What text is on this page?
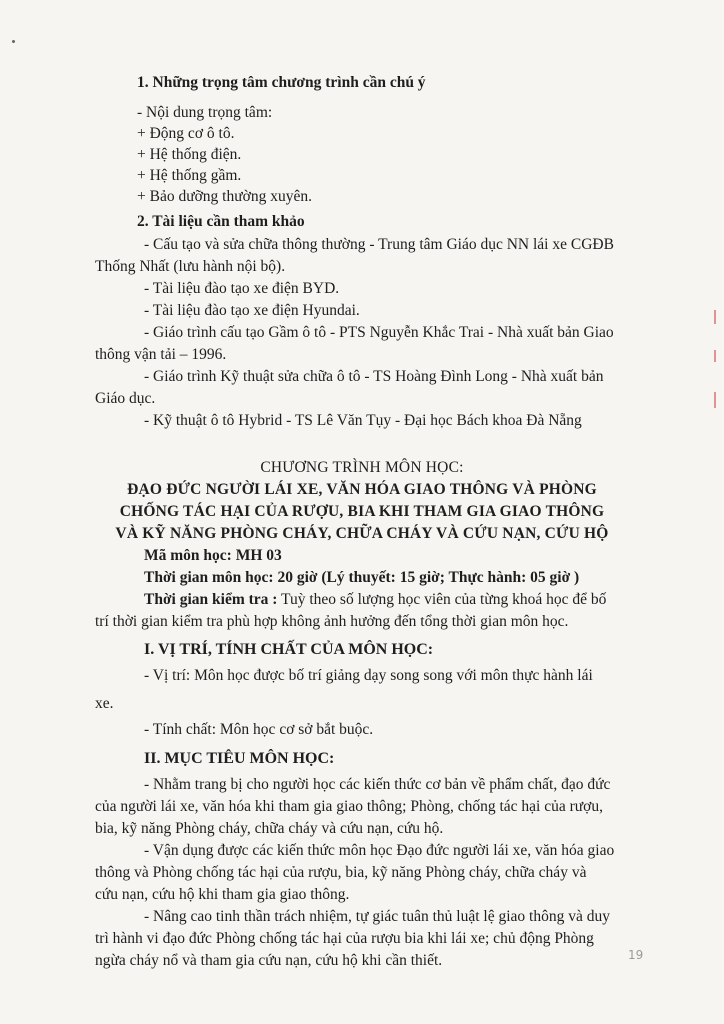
1. Những trọng tâm chương trình cần chú ý
- Nội dung trọng tâm:
+ Động cơ ô tô.
+ Hệ thống điện.
+ Hệ thống gầm.
+ Bảo dưỡng thường xuyên.
2. Tài liệu cần tham khảo
- Cấu tạo và sửa chữa thông thường - Trung tâm Giáo dục NN lái xe CGĐB
Thống Nhất (lưu hành nội bộ).
- Tài liệu đào tạo xe điện BYD.
- Tài liệu đào tạo xe điện Hyundai.
- Giáo trình cấu tạo Gầm ô tô - PTS Nguyễn Khắc Trai - Nhà xuất bản Giao
thông vận tải – 1996.
- Giáo trình Kỹ thuật sửa chữa ô tô - TS Hoàng Đình Long - Nhà xuất bản
Giáo dục.
- Kỹ thuật ô tô Hybrid - TS Lê Văn Tụy - Đại học Bách khoa Đà Nẵng
CHƯƠNG TRÌNH MÔN HỌC:
ĐẠO ĐỨC NGƯỜI LÁI XE, VĂN HÓA GIAO THÔNG VÀ PHÒNG
CHỐNG TÁC HẠI CỦA RƯỢU, BIA KHI THAM GIA GIAO THÔNG
VÀ KỸ NĂNG PHÒNG CHÁY, CHỮA CHÁY VÀ CỨU NẠN, CỨU HỘ
Mã môn học: MH 03
Thời gian môn học: 20 giờ (Lý thuyết: 15 giờ; Thực hành: 05 giờ )
Thời gian kiểm tra : Tuỳ theo số lượng học viên của từng khoá học để bố
trí thời gian kiểm tra phù hợp không ảnh hưởng đến tổng thời gian môn học.
I. VỊ TRÍ, TÍNH CHẤT CỦA MÔN HỌC:
- Vị trí: Môn học được bố trí giảng dạy song song với môn thực hành lái
xe.
- Tính chất: Môn học cơ sở bắt buộc.
II. MỤC TIÊU MÔN HỌC:
- Nhằm trang bị cho người học các kiến thức cơ bản về phẩm chất, đạo đức
của người lái xe, văn hóa khi tham gia giao thông; Phòng, chống tác hại của rượu,
bia, kỹ năng Phòng cháy, chữa cháy và cứu nạn, cứu hộ.
- Vận dụng được các kiến thức môn học Đạo đức người lái xe, văn hóa giao
thông và Phòng chống tác hại của rượu, bia, kỹ năng Phòng cháy, chữa cháy và
cứu nạn, cứu hộ khi tham gia giao thông.
- Nâng cao tinh thần trách nhiệm, tự giác tuân thủ luật lệ giao thông và duy
trì hành vi đạo đức Phòng chống tác hại của rượu bia khi lái xe; chủ động Phòng
ngừa cháy nổ và tham gia cứu nạn, cứu hộ khi cần thiết.	19
